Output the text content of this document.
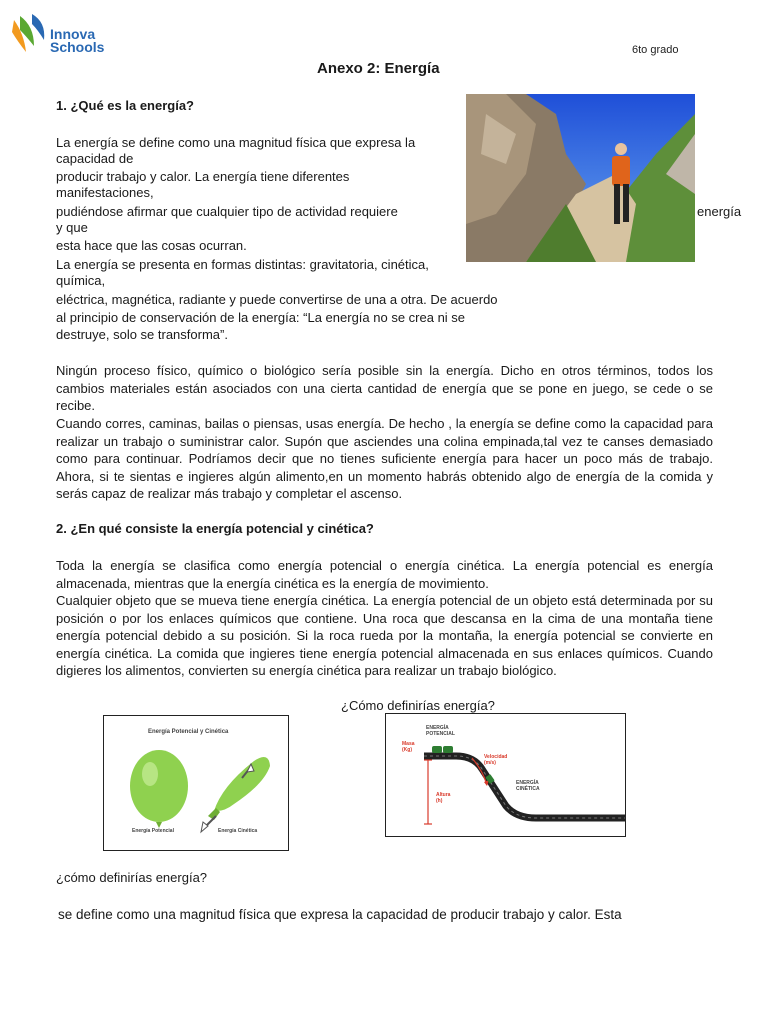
Innova
Schools	6to grado
Anexo 2: Energía
1. ¿Qué es la energía?
La energía se define como una magnitud física que expresa la
capacidad de
producir trabajo y calor. La energía tiene diferentes
manifestaciones,
pudiéndose afirmar que cualquier tipo de actividad requiere	energía
y que
esta hace que las cosas ocurran.
La energía se presenta en formas distintas: gravitatoria, cinética,
química,
eléctrica, magnética, radiante y puede convertirse de una a otra. De acuerdo
al principio de conservación de la energía: “La energía no se crea ni se
destruye, solo se transforma”.
Ningún proceso físico, químico o biológico sería posible sin la energía. Dicho en otros términos, todos los cambios materiales están asociados con una cierta cantidad de energía que se pone en juego, se cede o se recibe.
Cuando corres, caminas, bailas o piensas, usas energía. De hecho , la energía se define como la capacidad para realizar un trabajo o suministrar calor. Supón que asciendes una colina empinada,tal vez te canses demasiado como para continuar. Podríamos decir que no tienes suficiente energía para hacer un poco más de trabajo. Ahora, si te sientas e ingieres algún alimento,en un momento habrás obtenido algo de energía de la comida y serás capaz de realizar más trabajo y completar el ascenso.
2. ¿En qué consiste la energía potencial y cinética?
Toda la energía se clasifica como energía potencial o energía cinética. La energía potencial es energía almacenada, mientras que la energía cinética es la energía de movimiento.
Cualquier objeto que se mueva tiene energía cinética. La energía potencial de un objeto está determinada por su posición o por los enlaces químicos que contiene. Una roca que descansa en la cima de una montaña tiene energía potencial debido a su posición. Si la roca rueda por la montaña, la energía potencial se convierte en energía cinética. La comida que ingieres tiene energía potencial almacenada en sus enlaces químicos. Cuando digieres los alimentos, convierten su energía cinética para realizar un trabajo biológico.
¿Cómo definirías energía?
Energía Potencial y Cinética
Energía Potencial	Energía Cinética
ENERGÍA POTENCIAL
Masa (Kg)
Velocidad (m/s)
Altura (h)
ENERGÍA CINÉTICA
¿cómo definirías energía?
se define como una magnitud física que expresa la capacidad de producir trabajo y calor. Esta
